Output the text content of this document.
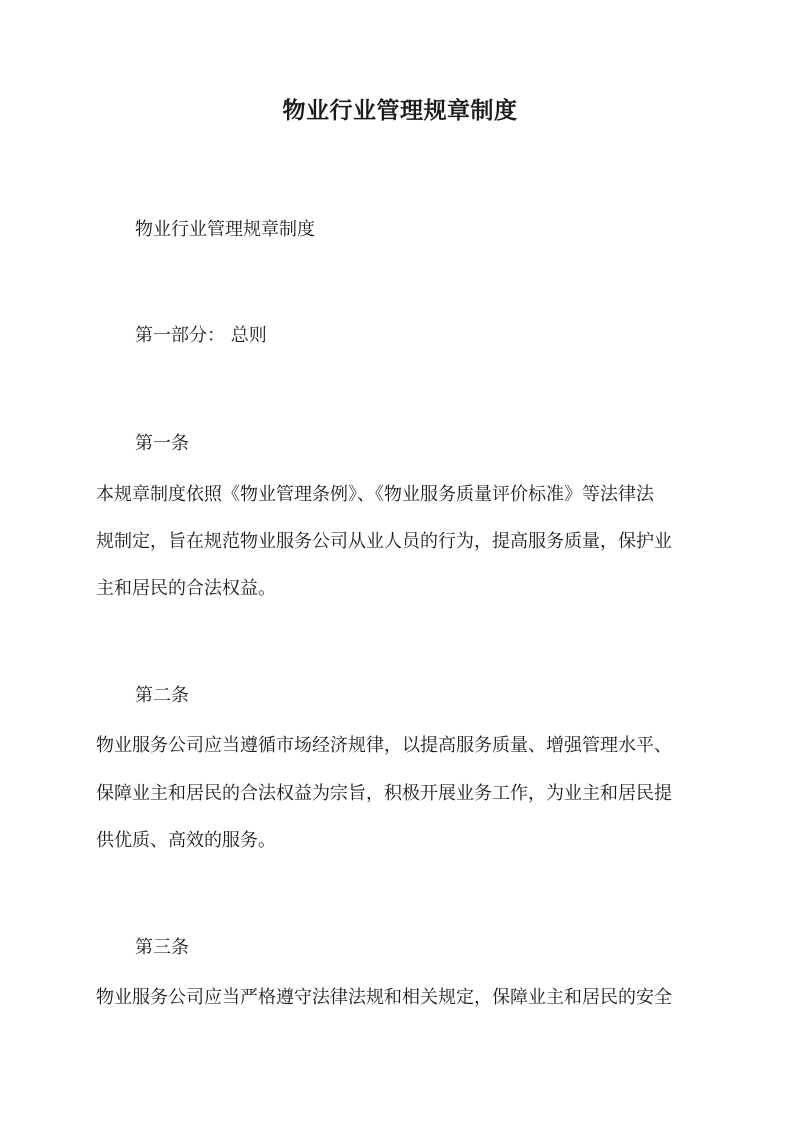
物业行业管理规章制度

物业行业管理规章制度

第一部分： 总则

第一条

本规章制度依照《物业管理条例》、《物业服务质量评价标准》等法律法

规制定，旨在规范物业服务公司从业人员的行为，提高服务质量，保护业

主和居民的合法权益。

第二条

物业服务公司应当遵循市场经济规律，以提高服务质量、增强管理水平、

保障业主和居民的合法权益为宗旨，积极开展业务工作，为业主和居民提

供优质、高效的服务。

第三条

物业服务公司应当严格遵守法律法规和相关规定，保障业主和居民的安全
